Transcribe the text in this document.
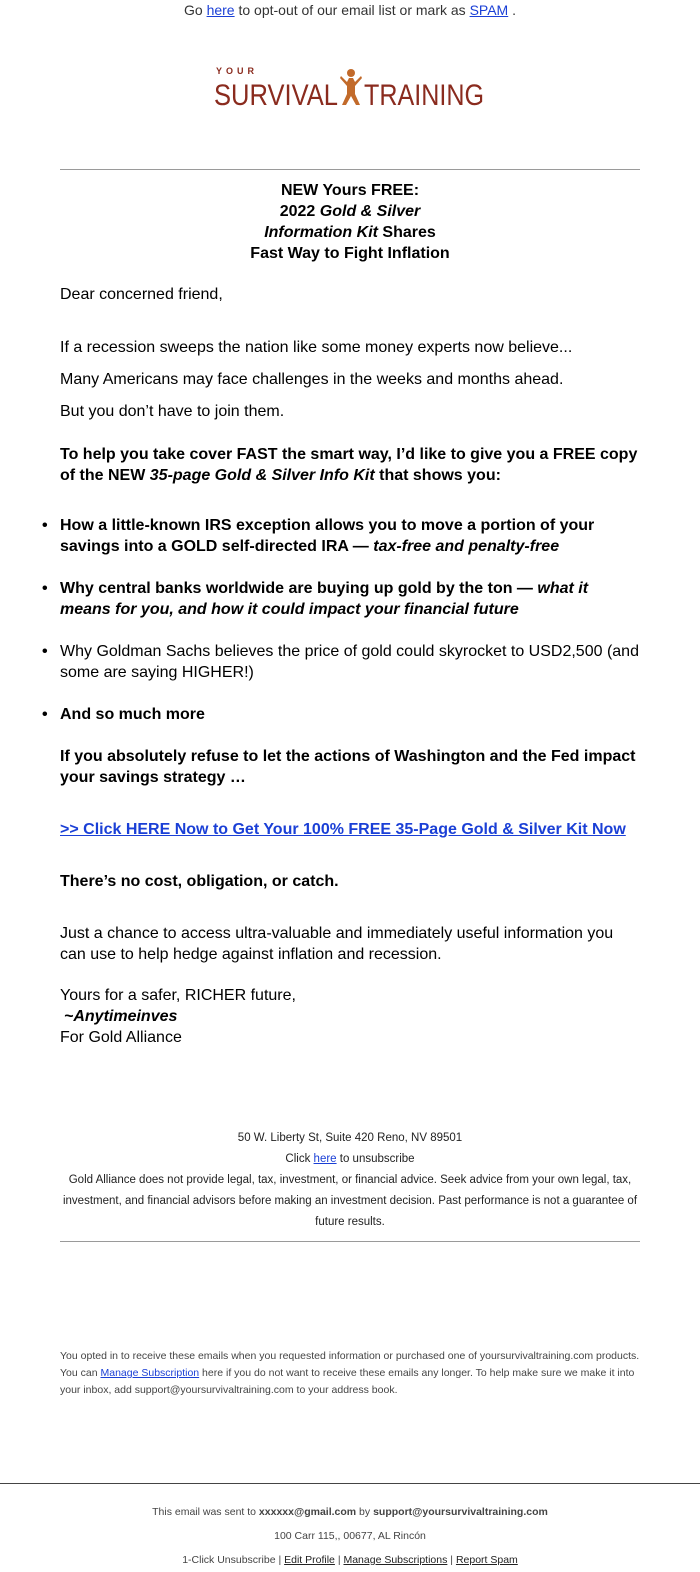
Go here to opt-out of our email list or mark as SPAM .
YOUR
SURVIVAL TRAINING
NEW Yours FREE:
2022 Gold & Silver
Information Kit Shares
Fast Way to Fight Inflation

Dear concerned friend,

If a recession sweeps the nation like some money experts now believe...

Many Americans may face challenges in the weeks and months ahead.

But you don’t have to join them.

To help you take cover FAST the smart way, I’d like to give you a FREE copy of the NEW 35-page Gold & Silver Info Kit that shows you:

• How a little-known IRS exception allows you to move a portion of your savings into a GOLD self-directed IRA — tax-free and penalty-free
• Why central banks worldwide are buying up gold by the ton — what it means for you, and how it could impact your financial future
• Why Goldman Sachs believes the price of gold could skyrocket to USD2,500 (and some are saying HIGHER!)
• And so much more

If you absolutely refuse to let the actions of Washington and the Fed impact your savings strategy …

>> Click HERE Now to Get Your 100% FREE 35-Page Gold & Silver Kit Now

There’s no cost, obligation, or catch.

Just a chance to access ultra-valuable and immediately useful information you can use to help hedge against inflation and recession.

Yours for a safer, RICHER future,

~Anytimeinves

For Gold Alliance

50 W. Liberty St, Suite 420 Reno, NV 89501
Click here to unsubscribe
Gold Alliance does not provide legal, tax, investment, or financial advice. Seek advice from your own legal, tax, investment, and financial advisors before making an investment decision. Past performance is not a guarantee of future results.
You opted in to receive these emails when you requested information or purchased one of yoursurvivaltraining.com products. You can Manage Subscription here if you do not want to receive these emails any longer. To help make sure we make it into your inbox, add support@yoursurvivaltraining.com to your address book.
This email was sent to xxxxxx@gmail.com by support@yoursurvivaltraining.com
100 Carr 115,, 00677, AL Rincón
1-Click Unsubscribe | Edit Profile | Manage Subscriptions | Report Spam
